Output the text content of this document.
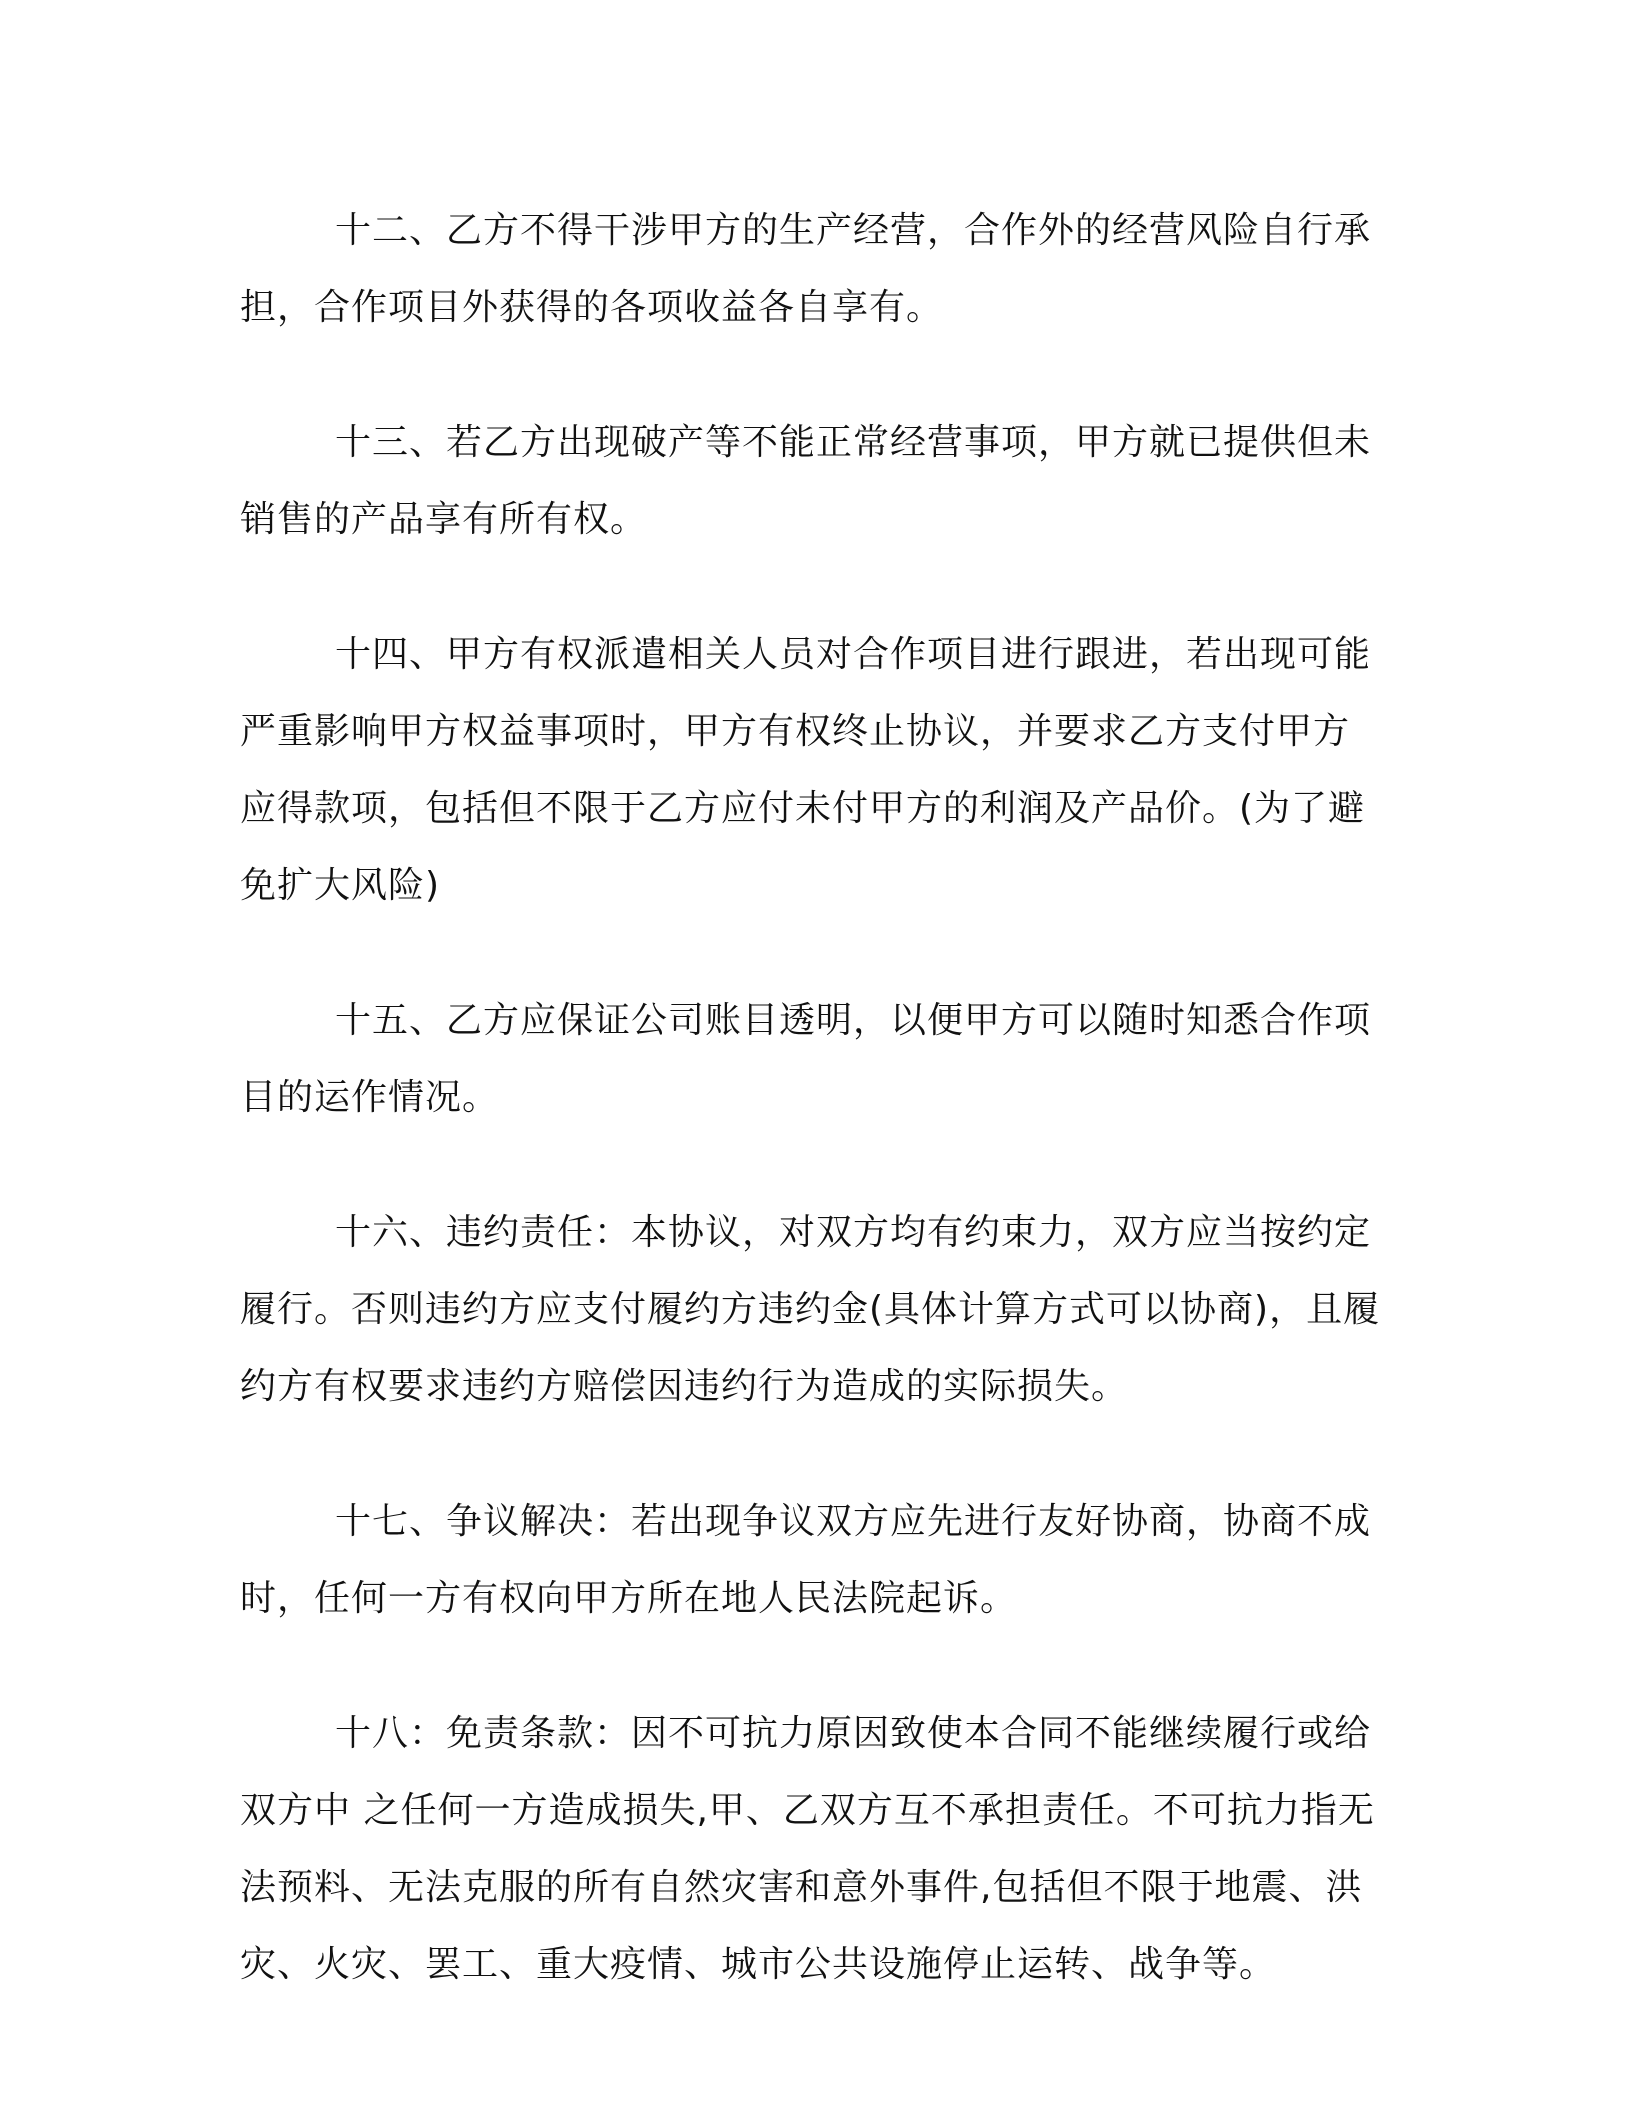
十二、乙方不得干涉甲方的生产经营，合作外的经营风险自行承
担，合作项目外获得的各项收益各自享有。

十三、若乙方出现破产等不能正常经营事项，甲方就已提供但未
销售的产品享有所有权。

十四、甲方有权派遣相关人员对合作项目进行跟进，若出现可能
严重影响甲方权益事项时，甲方有权终止协议，并要求乙方支付甲方
应得款项，包括但不限于乙方应付未付甲方的利润及产品价。(为了避
免扩大风险)

十五、乙方应保证公司账目透明，以便甲方可以随时知悉合作项
目的运作情况。

十六、违约责任：本协议，对双方均有约束力，双方应当按约定
履行。否则违约方应支付履约方违约金(具体计算方式可以协商)，且履
约方有权要求违约方赔偿因违约行为造成的实际损失。

十七、争议解决：若出现争议双方应先进行友好协商，协商不成
时，任何一方有权向甲方所在地人民法院起诉。

十八：免责条款：因不可抗力原因致使本合同不能继续履行或给
双方中 之任何一方造成损失,甲、乙双方互不承担责任。不可抗力指无
法预料、无法克服的所有自然灾害和意外事件,包括但不限于地震、洪
灾、火灾、罢工、重大疫情、城市公共设施停止运转、战争等。
